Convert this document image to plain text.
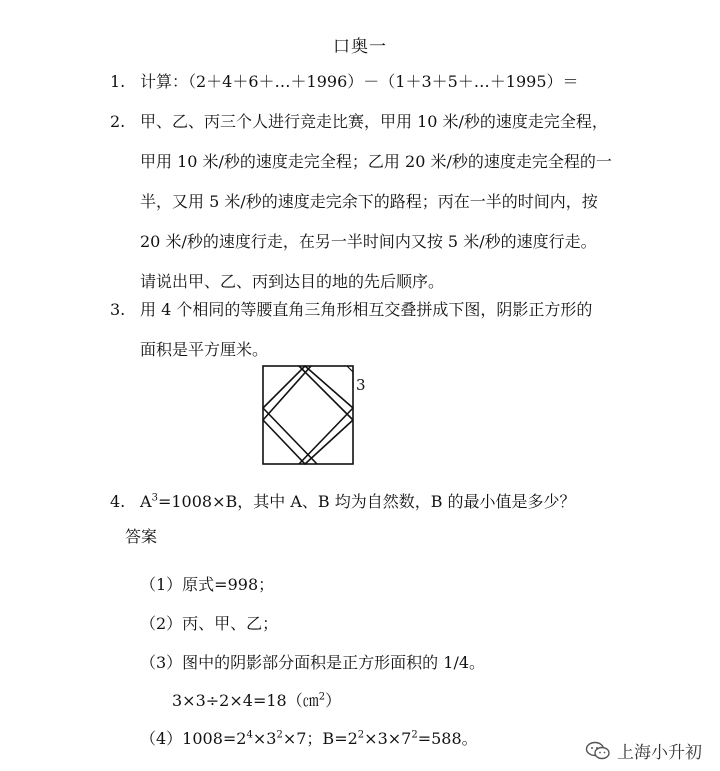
口奥一
1. 计算：（2＋4＋6＋…＋1996）－（1＋3＋5＋…＋1995）＝
2. 甲、乙、丙三个人进行竞走比赛，甲用 10 米/秒的速度走完全程，
甲用 10 米/秒的速度走完全程；乙用 20 米/秒的速度走完全程的一
半，又用 5 米/秒的速度走完余下的路程；丙在一半的时间内，按
20 米/秒的速度行走，在另一半时间内又按 5 米/秒的速度行走。
请说出甲、乙、丙到达目的地的先后顺序。
3. 用 4 个相同的等腰直角三角形相互交叠拼成下图，阴影正方形的
面积是平方厘米。
3
4. $A^3=1008\times B$，其中 A、B 均为自然数，B 的最小值是多少？
答案
（1）原式=998；
（2）丙、甲、乙；
（3）图中的阴影部分面积是正方形面积的 1/4。
3×3÷2×4=18（㎝$^2$）
$(4)1008=2^4\times 3^2\times 7$；$B=2^2\times 3\times 7^2=588$。
上海小升初
